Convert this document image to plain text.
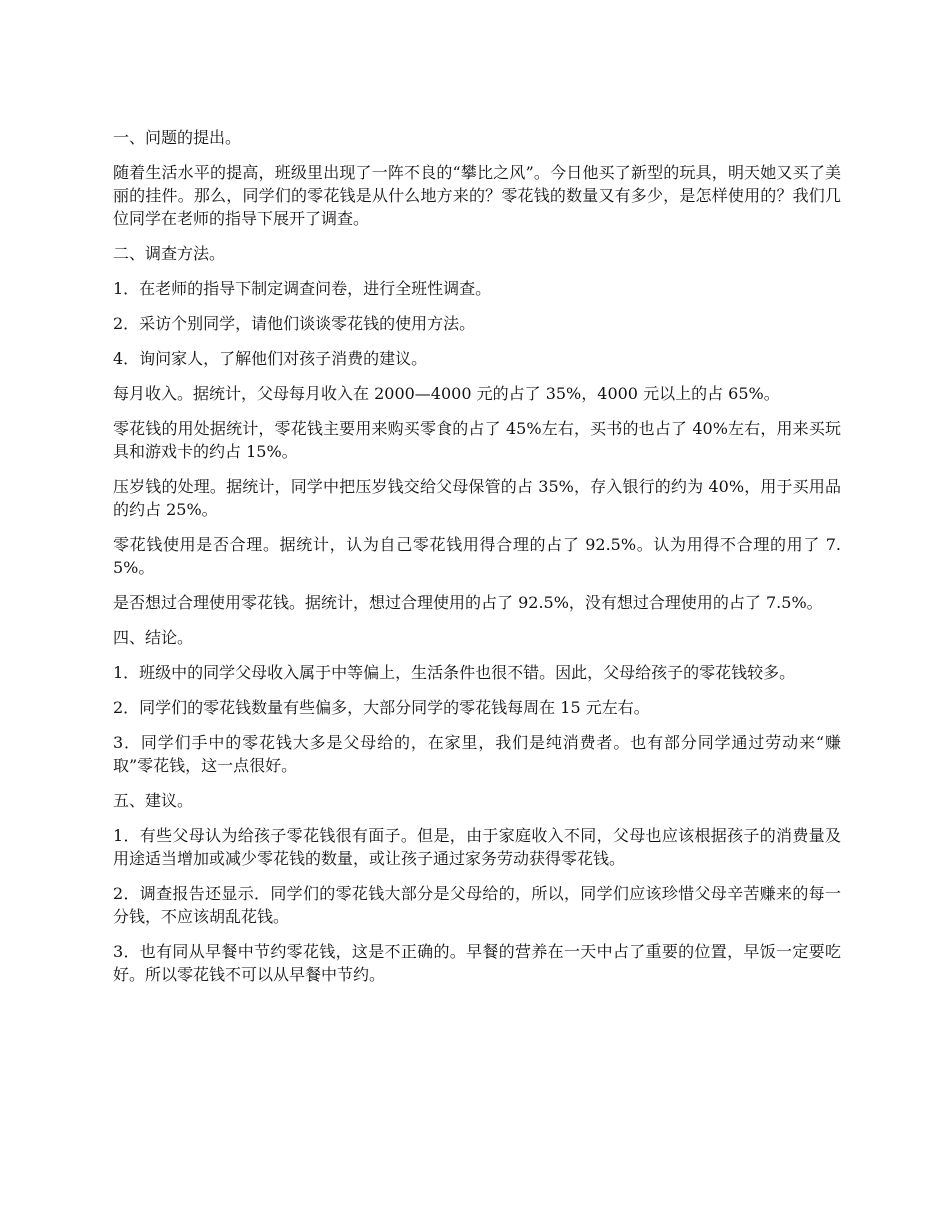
一、问题的提出。

随着生活水平的提高，班级里出现了一阵不良的“攀比之风”。今日他买了新型的玩具，明天她又买了美丽的挂件。那么，同学们的零花钱是从什么地方来的？零花钱的数量又有多少，是怎样使用的？我们几位同学在老师的指导下展开了调查。

二、调查方法。

1．在老师的指导下制定调查问卷，进行全班性调查。

2．采访个别同学，请他们谈谈零花钱的使用方法。

4．询问家人，了解他们对孩子消费的建议。

每月收入。据统计，父母每月收入在 2000—4000 元的占了 35%，4000 元以上的占 65%。

零花钱的用处据统计，零花钱主要用来购买零食的占了 45%左右，买书的也占了 40%左右，用来买玩具和游戏卡的约占 15%。

压岁钱的处理。据统计，同学中把压岁钱交给父母保管的占 35%，存入银行的约为 40%，用于买用品的约占 25%。

零花钱使用是否合理。据统计，认为自己零花钱用得合理的占了 92.5%。认为用得不合理的用了 7.5%。

是否想过合理使用零花钱。据统计，想过合理使用的占了 92.5%，没有想过合理使用的占了 7.5%。

四、结论。

1．班级中的同学父母收入属于中等偏上，生活条件也很不错。因此，父母给孩子的零花钱较多。

2．同学们的零花钱数量有些偏多，大部分同学的零花钱每周在 15 元左右。

3．同学们手中的零花钱大多是父母给的，在家里，我们是纯消费者。也有部分同学通过劳动来“赚取”零花钱，这一点很好。

五、建议。

1．有些父母认为给孩子零花钱很有面子。但是，由于家庭收入不同，父母也应该根据孩子的消费量及用途适当增加或减少零花钱的数量，或让孩子通过家务劳动获得零花钱。

2．调查报告还显示．同学们的零花钱大部分是父母给的，所以，同学们应该珍惜父母辛苦赚来的每一分钱，不应该胡乱花钱。

3．也有同从早餐中节约零花钱，这是不正确的。早餐的营养在一天中占了重要的位置，早饭一定要吃好。所以零花钱不可以从早餐中节约。
